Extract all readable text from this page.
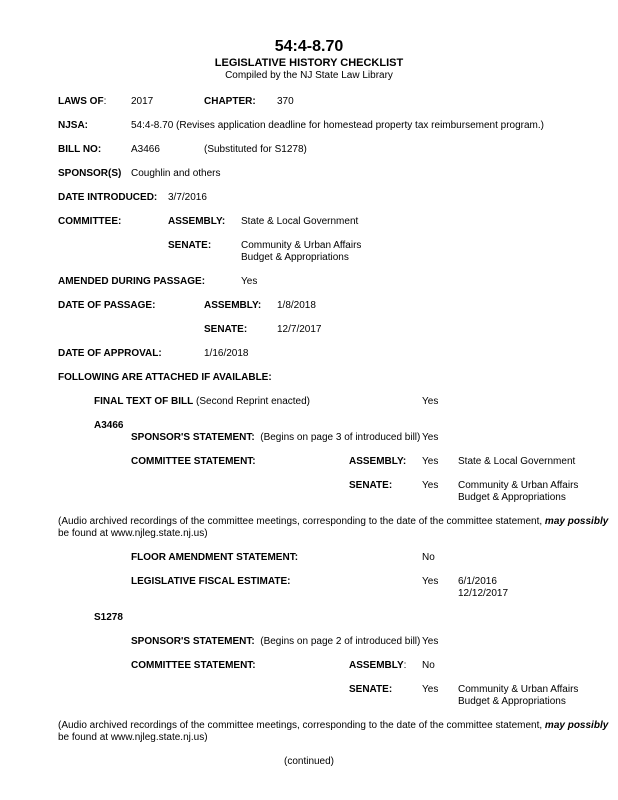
54:4-8.70
LEGISLATIVE HISTORY CHECKLIST
Compiled by the NJ State Law Library
LAWS OF: 2017	CHAPTER: 370
NJSA:	54:4-8.70 (Revises application deadline for homestead property tax reimbursement program.)
BILL NO:	A3466	(Substituted for S1278)
SPONSOR(S) Coughlin and others
DATE INTRODUCED: 3/7/2016
COMMITTEE:	ASSEMBLY: State & Local Government
SENATE:	Community & Urban Affairs
Budget & Appropriations
AMENDED DURING PASSAGE:	Yes
DATE OF PASSAGE:	ASSEMBLY: 1/8/2018
SENATE:	12/7/2017
DATE OF APPROVAL:	1/16/2018
FOLLOWING ARE ATTACHED IF AVAILABLE:
FINAL TEXT OF BILL (Second Reprint enacted)	Yes
A3466
SPONSOR'S STATEMENT: (Begins on page 3 of introduced bill) Yes
COMMITTEE STATEMENT:	ASSEMBLY: Yes State & Local Government
SENATE:	Yes Community & Urban Affairs
Budget & Appropriations
(Audio archived recordings of the committee meetings, corresponding to the date of the committee statement, may possibly
be found at www.njleg.state.nj.us)
FLOOR AMENDMENT STATEMENT:	No
LEGISLATIVE FISCAL ESTIMATE:	Yes 6/1/2016
12/12/2017
S1278
SPONSOR'S STATEMENT: (Begins on page 2 of introduced bill) Yes
COMMITTEE STATEMENT:	ASSEMBLY: No
SENATE:	Yes Community & Urban Affairs
Budget & Appropriations
(Audio archived recordings of the committee meetings, corresponding to the date of the committee statement, may possibly
be found at www.njleg.state.nj.us)
(continued)
